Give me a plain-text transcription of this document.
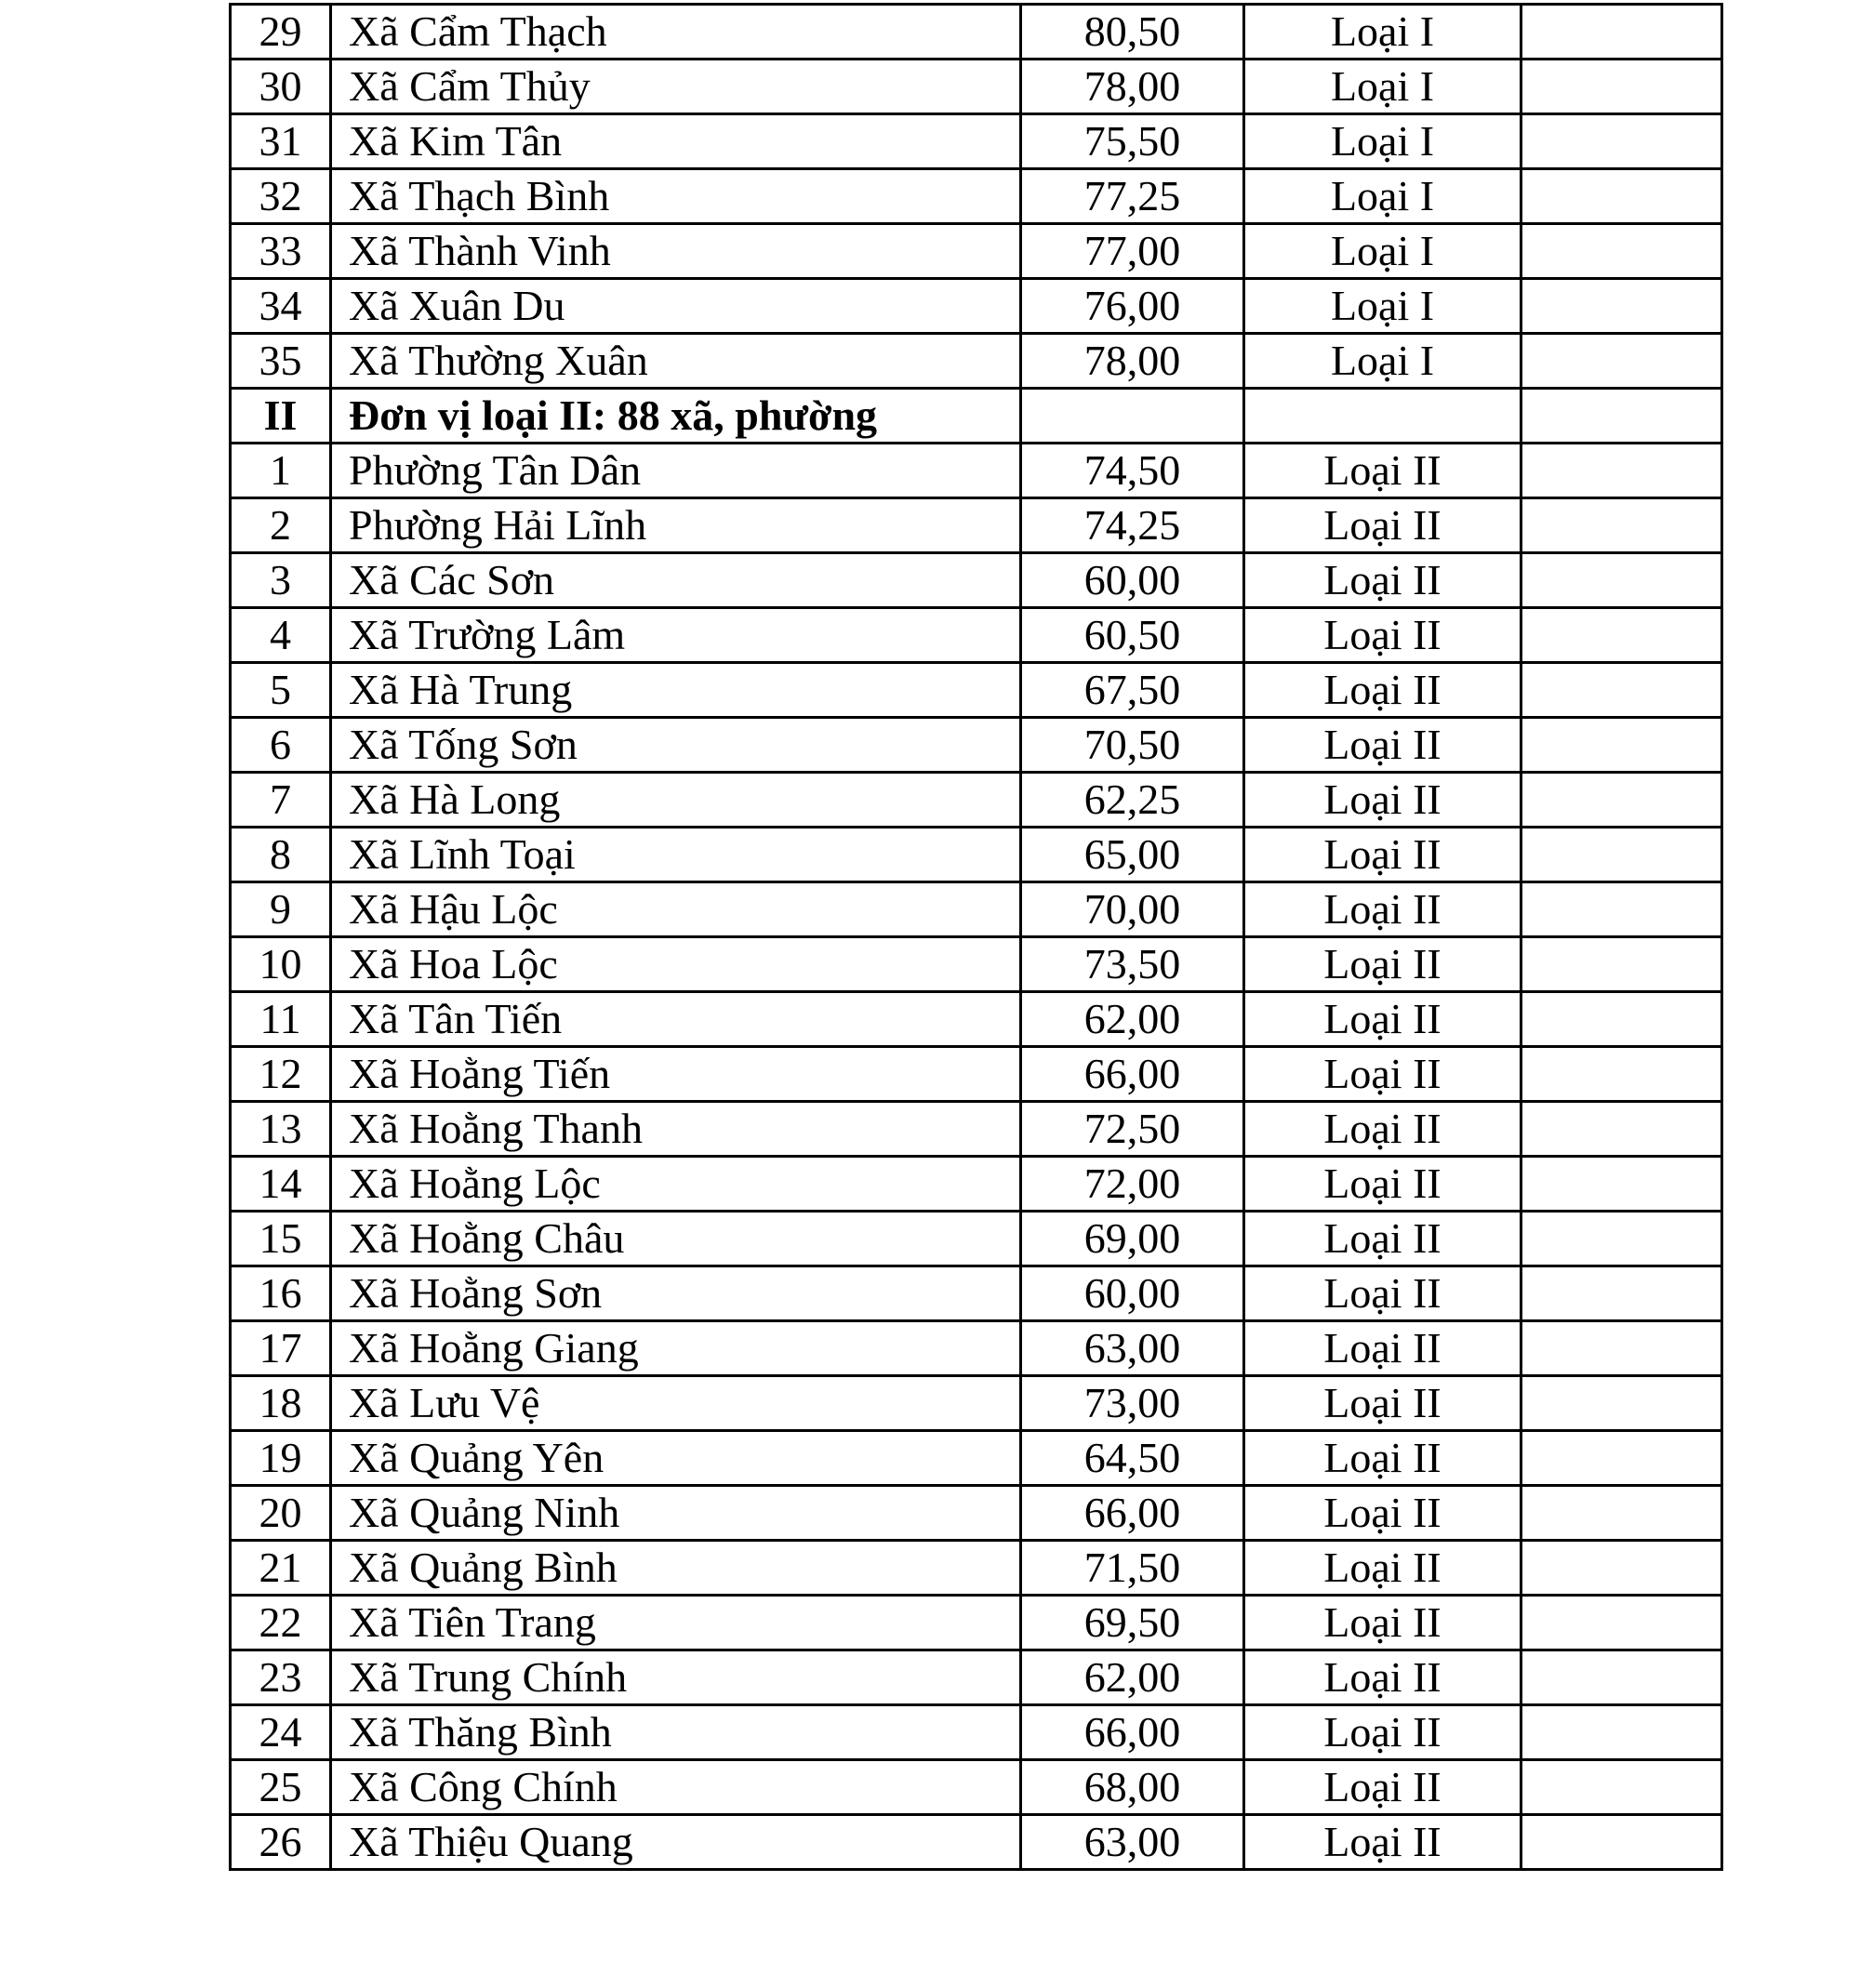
29	Xã Cẩm Thạch	80,50	Loại I	
30	Xã Cẩm Thủy	78,00	Loại I	
31	Xã Kim Tân	75,50	Loại I	
32	Xã Thạch Bình	77,25	Loại I	
33	Xã Thành Vinh	77,00	Loại I	
34	Xã Xuân Du	76,00	Loại I	
35	Xã Thường Xuân	78,00	Loại I	
II	Đơn vị loại II: 88 xã, phường			
1	Phường Tân Dân	74,50	Loại II	
2	Phường Hải Lĩnh	74,25	Loại II	
3	Xã Các Sơn	60,00	Loại II	
4	Xã Trường Lâm	60,50	Loại II	
5	Xã Hà Trung	67,50	Loại II	
6	Xã Tống Sơn	70,50	Loại II	
7	Xã Hà Long	62,25	Loại II	
8	Xã Lĩnh Toại	65,00	Loại II	
9	Xã Hậu Lộc	70,00	Loại II	
10	Xã Hoa Lộc	73,50	Loại II	
11	Xã Tân Tiến	62,00	Loại II	
12	Xã Hoằng Tiến	66,00	Loại II	
13	Xã Hoằng Thanh	72,50	Loại II	
14	Xã Hoằng Lộc	72,00	Loại II	
15	Xã Hoằng Châu	69,00	Loại II	
16	Xã Hoằng Sơn	60,00	Loại II	
17	Xã Hoằng Giang	63,00	Loại II	
18	Xã Lưu Vệ	73,00	Loại II	
19	Xã Quảng Yên	64,50	Loại II	
20	Xã Quảng Ninh	66,00	Loại II	
21	Xã Quảng Bình	71,50	Loại II	
22	Xã Tiên Trang	69,50	Loại II	
23	Xã Trung Chính	62,00	Loại II	
24	Xã Thăng Bình	66,00	Loại II	
25	Xã Công Chính	68,00	Loại II	
26	Xã Thiệu Quang	63,00	Loại II	
